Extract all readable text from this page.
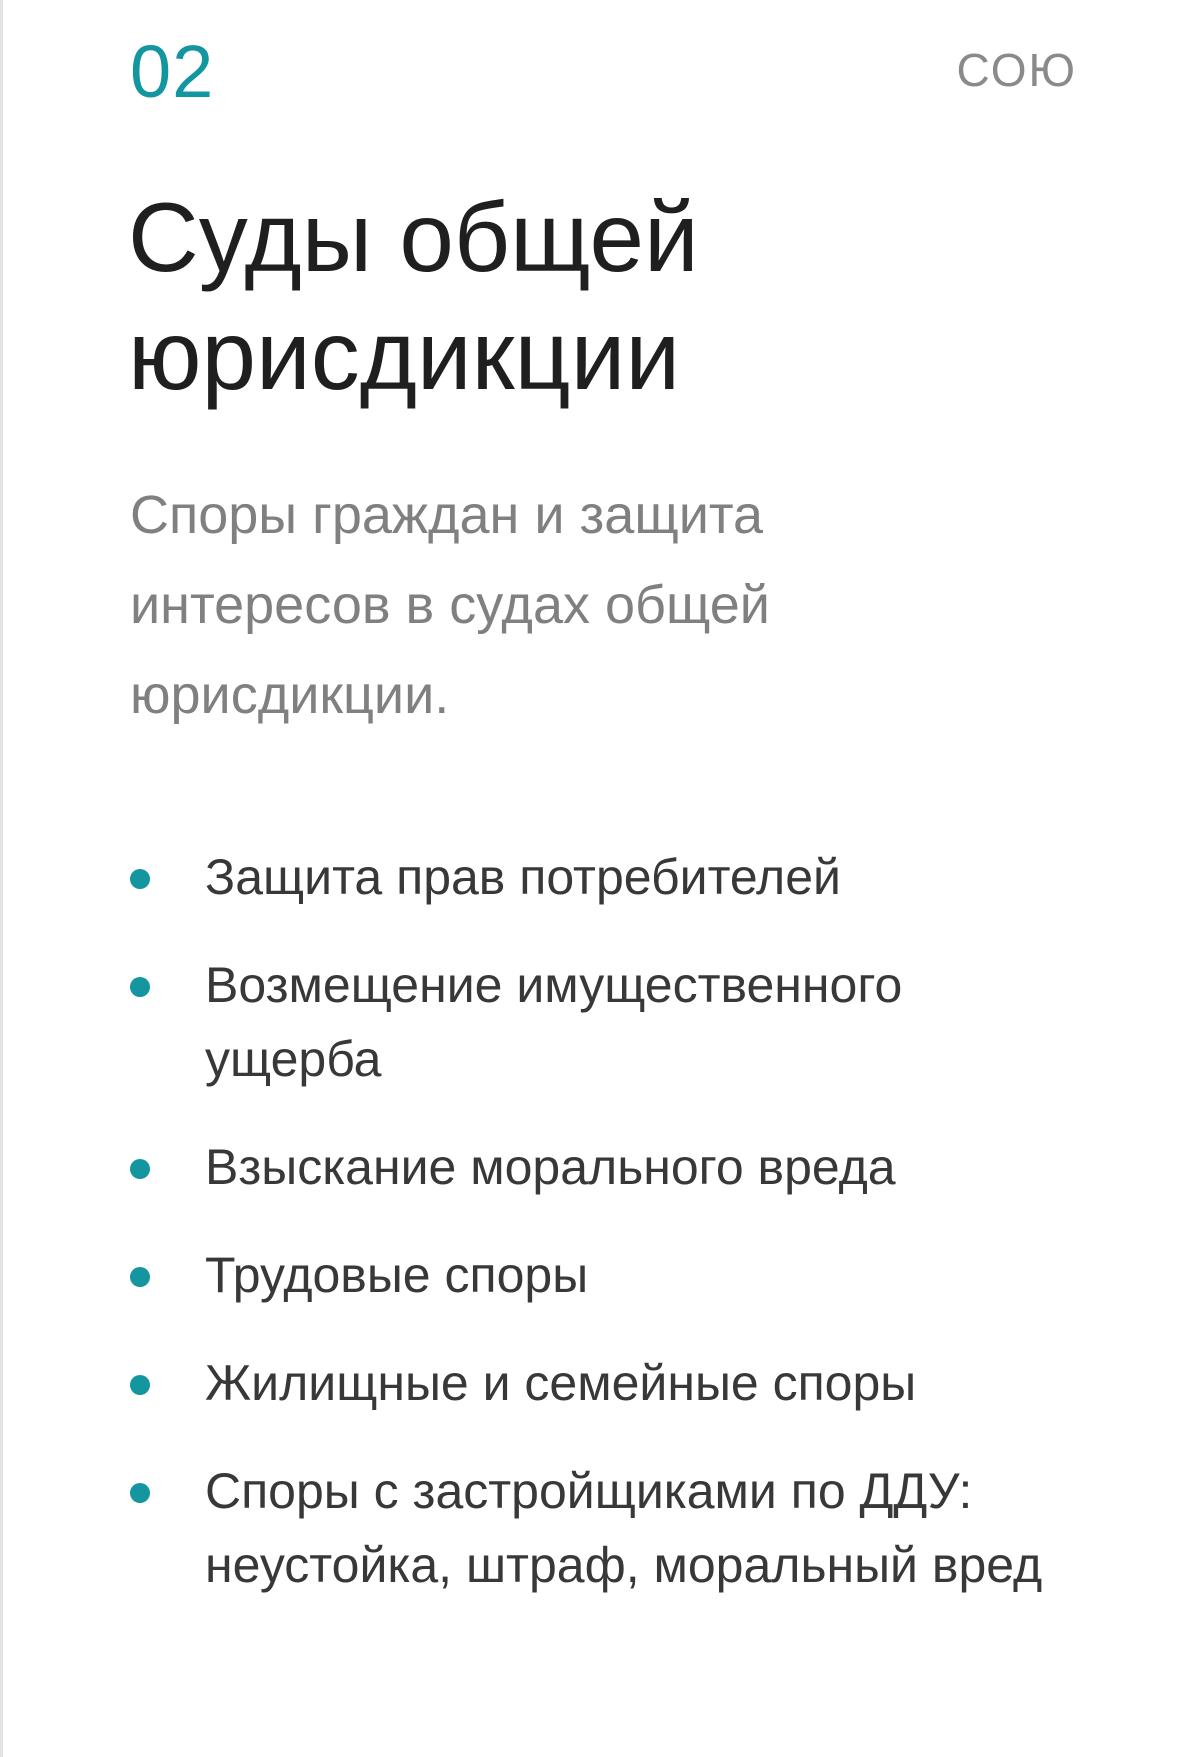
02	СОЮ
Суды общей юрисдикции

Споры граждан и защита интересов в судах общей юрисдикции.

Защита прав потребителей
Возмещение имущественного ущерба
Взыскание морального вреда
Трудовые споры
Жилищные и семейные споры
Споры с застройщиками по ДДУ: неустойка, штраф, моральный вред
